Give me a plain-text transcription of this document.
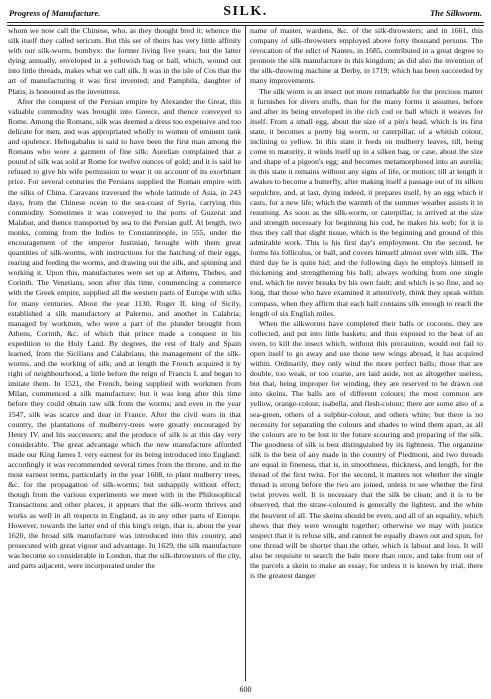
Progress of Manufacture.	SILK.	The Silkworm.

whom we now call the Chinese, who, as they thought bred it; whence the silk itself they called sericum. But this ser of theirs has very little affinity with our silk-worm, bombyx: the former living five years; but the latter dying annually, enveloped in a yellowish bag or ball, which, wound out into little threads, makes what we call silk. It was in the isle of Cos that the art of manufacturing it was first invented; and Pamphila, daughter of Platis, is honoured as the inventress.

After the conquest of the Persian empire by Alexander the Great, this valuable commodity was brought into Greece, and thence conveyed to Rome. Among the Romans, silk was deemed a dress too expensive and too delicate for men, and was appropriated wholly to women of eminent rank and opulence. Heliogabalus is said to have been the first man among the Romans who wore a garment of fine silk: Aurelian complained that a pound of silk was sold at Rome for twelve ounces of gold; and it is said he refused to give his wife permission to wear it on account of its exorbitant price. For several centuries the Persians supplied the Roman empire with the silks of China. Caravans traversed the whole latitude of Asia, in 243 days, from the Chinese ocean to the sea-coast of Syria, carrying this commodity. Sometimes it was conveyed to the ports of Guzerat and Malabar, and thence transported by sea to the Persian gulf. At length, two monks, coming from the Indies to Constantinople, in 555, under the encouragement of the emperor Justinian, brought with them great quantities of silk-worms, with instructions for the hatching of their eggs, rearing and feeding the worms, and drawing out the silk, and spinning and working it. Upon this, manufactures were set up at Athens, Thebes, and Corinth. The Venetians, soon after this time, commencing a commerce with the Greek empire, supplied all the western parts of Europe with silks for many centuries. About the year 1130, Roger II. king of Sicily, established a silk manufactory at Palermo, and another in Calabria; managed by workmen, who were a part of the plunder brought from Athens, Corinth, &c. of which that prince made a conquest in his expedition to the Holy Land. By degrees, the rest of Italy and Spain learned, from the Sicilians and Calabrians, the management of the silk-worms, and the working of silk; and at length the French acquired it by right of neighbourhood, a little before the reign of Francis I. and began to imitate them. In 1521, the French, being supplied with workmen from Milan, commenced a silk manufacture; but it was long after this time before they could obtain raw silk from the worms; and even in the year 1547, silk was scarce and dear in France. After the civil wars in that country, the plantations of mulberry-trees were greatly encouraged by Henry IV. and his successors; and the produce of silk is at this day very considerable. The great advantage which the new manufacture afforded made our King James I. very earnest for its being introduced into England: accordingly it was recommended several times from the throne, and in the most earnest terms, particularly in the year 1608, to plant mulberry trees, &c. for the propagation of silk-worms; but unhappily without effect; though from the various experiments we meet with in the Philosophical Transactions and other places, it appears that the silk-worm thrives and works as well in all respects in England, as in any other parts of Europe. However, towards the latter end of this king's reign, that is, about the year 1620, the broad silk manufacture was introduced into this country, and prosecuted with great vigour and advantage. In 1629, the silk manufacture was become so considerable in London, that the silk-throwsters of the city, and parts adjacent, were incorporated under the

name of master, wardens, &c. of the silk-throwsters; and in 1661, this company of silk-throwsters employed above forty thousand persons. The revocation of the edict of Nantes, in 1685, contributed in a great degree to promote the silk manufacture in this kingdom; as did also the invention of the silk-throwing machine at Derby, in 1719; which has been succeeded by many improvements.

The silk worm is an insect not more remarkable for the precious matter it furnishes for divers stuffs, than for the many forms it assumes, before and after its being enveloped in the rich cod or ball which it weaves for itself. From a small egg, about the size of a pin's head, which is its first state, it becomes a pretty big worm, or caterpillar, of a whitish colour, inclining to yellow. In this state it feeds on mulberry leaves, till, being come to maturity, it winds itself up in a silken bag, or case, about the size and shape of a pigeon's egg; and becomes metamorphosed into an aurelia; in this state it remains without any signs of life, or motion; till at length it awakes to become a butterfly, after making itself a passage out of its silken sepulchre, and, at last, dying indeed, it prepares itself, by an egg which it casts, for a new life; which the warmth of the summer weather assists it in resuming. As soon as the silk-worm, or caterpillar, is arrived at the size and strength necessary for beginning his cod, he makes his web; for it is thus they call that slight tissue, which is the beginning and ground of this admirable work. This is his first day's employment. On the second, he forms his follicolus, or ball, and covers himself almost over with silk. The third day he is quite hid; and the following days he employs himself in thickening and strengthening his ball; always working from one single end, which he never breaks by his own fault; and which is so fine, and so long, that those who have examined it attentively, think they speak within compass, when they affirm that each ball contains silk enough to reach the length of six English miles.

When the silkworms have completed their balls or cocoons, they are collected, and put into little baskets; and thus exposed to the heat of an oven, to kill the insect which, without this precaution, would not fail to open itself to go away and use those new wings abroad, it has acquired within. Ordinarily, they only wind the more perfect balls; those that are double, too weak, or too coarse, are laid aside, not as altogether useless, but that, being improper for winding, they are reserved to be drawn out into skeins. The balls are of different colours; the most common are yellow, orange-colour, isabella, and flesh-colour; there are some also of a sea-green, others of a sulphur-colour, and others white; but there is no necessity for separating the colours and shades to wind them apart, as all the colours are to be lost in the future scouring and preparing of the silk. The goodness of silk is best distinguished by its lightness. The organzine silk is the best of any made in the country of Piedmont, and two threads are equal in fineness, that is, in smoothness, thickness, and length, for the thread of the first twist. For the second, it matters not whether the single thread is strong before the two are joined, unless to see whether the first twist proves well. It is necessary that the silk be clean; and it is to be observed, that the straw-coloured is generally the lightest, and the white the heaviest of all. The skeins should be even, and all of an equality, which shews that they were wrought together; otherwise we may with justice suspect that it is refuse silk, and cannot be equally drawn out and spun, for one thread will be shorter than the other, which is labour and loss. It will also be requisite to search the bale more than once, and take from out of the parcels a skein to make an essay; for unless it is known by trial, there is the greatest danger

600
